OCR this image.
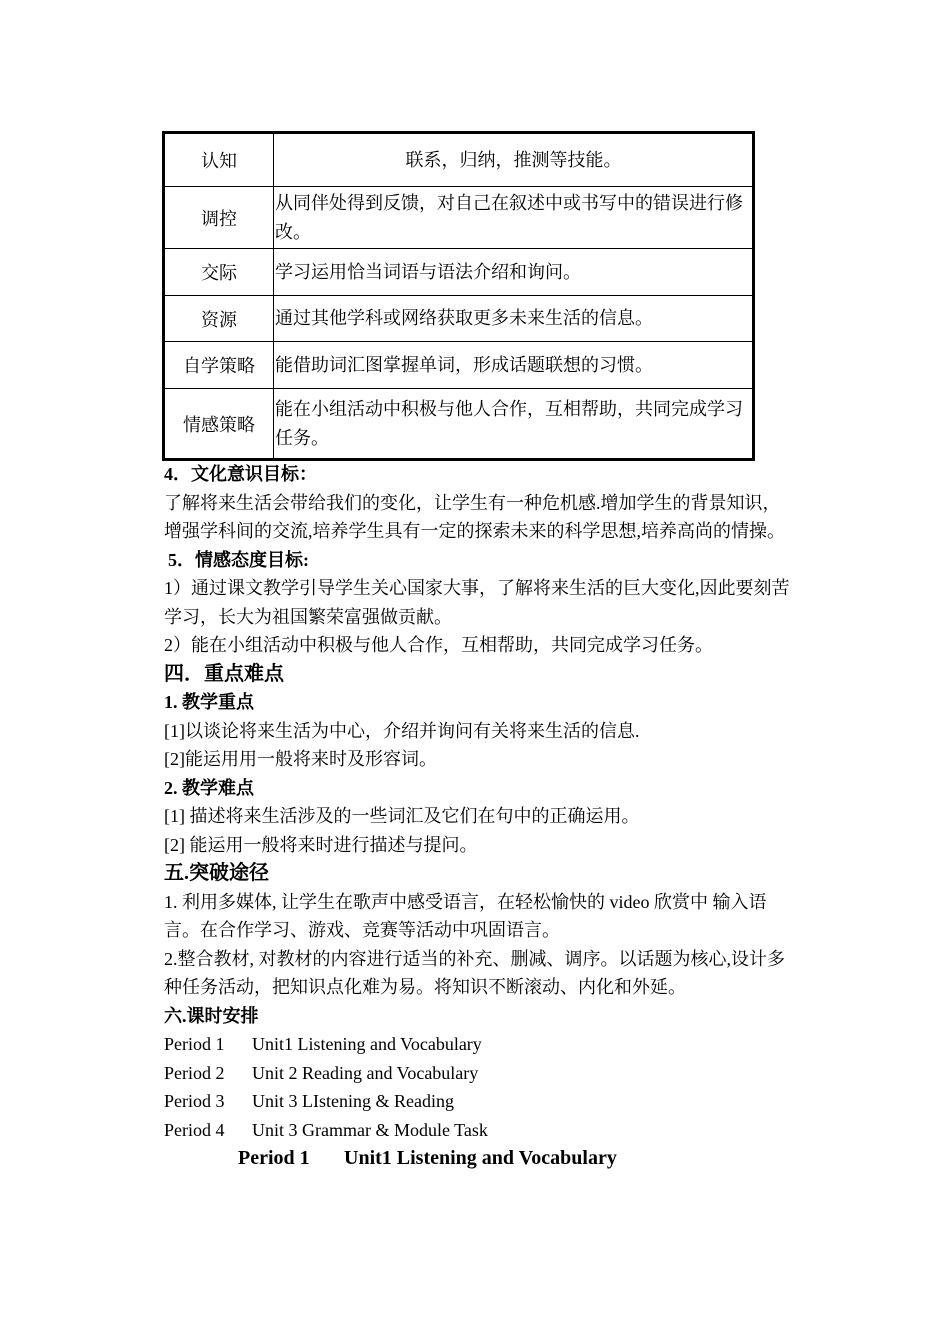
认知	联系，归纳，推测等技能。
调控	从同伴处得到反馈，对自己在叙述中或书写中的错误进行修改。
交际	学习运用恰当词语与语法介绍和询问。
资源	通过其他学科或网络获取更多未来生活的信息。
自学策略	能借助词汇图掌握单词，形成话题联想的习惯。
情感策略	能在小组活动中积极与他人合作，互相帮助，共同完成学习任务。

4．文化意识目标：

了解将来生活会带给我们的变化，让学生有一种危机感.增加学生的背景知识，增强学科间的交流,培养学生具有一定的探索未来的科学思想,培养高尚的情操。

5．情感态度目标:

1）通过课文教学引导学生关心国家大事，了解将来生活的巨大变化,因此要刻苦学习，长大为祖国繁荣富强做贡献。

2）能在小组活动中积极与他人合作，互相帮助，共同完成学习任务。

四．重点难点

1. 教学重点

[1]以谈论将来生活为中心，介绍并询问有关将来生活的信息.

[2]能运用用一般将来时及形容词。

2. 教学难点

[1] 描述将来生活涉及的一些词汇及它们在句中的正确运用。

[2] 能运用一般将来时进行描述与提问。

五.突破途径

1. 利用多媒体, 让学生在歌声中感受语言，在轻松愉快的 video 欣赏中 输入语言。在合作学习、游戏、竞赛等活动中巩固语言。

2.整合教材, 对教材的内容进行适当的补充、删减、调序。以话题为核心,设计多种任务活动，把知识点化难为易。将知识不断滚动、内化和外延。

六.课时安排

Period 1	Unit1 Listening and Vocabulary
Period 2	Unit 2 Reading and Vocabulary
Period 3	Unit 3 LIstening & Reading
Period 4	Unit 3 Grammar & Module Task

Period 1 Unit1 Listening and Vocabulary
